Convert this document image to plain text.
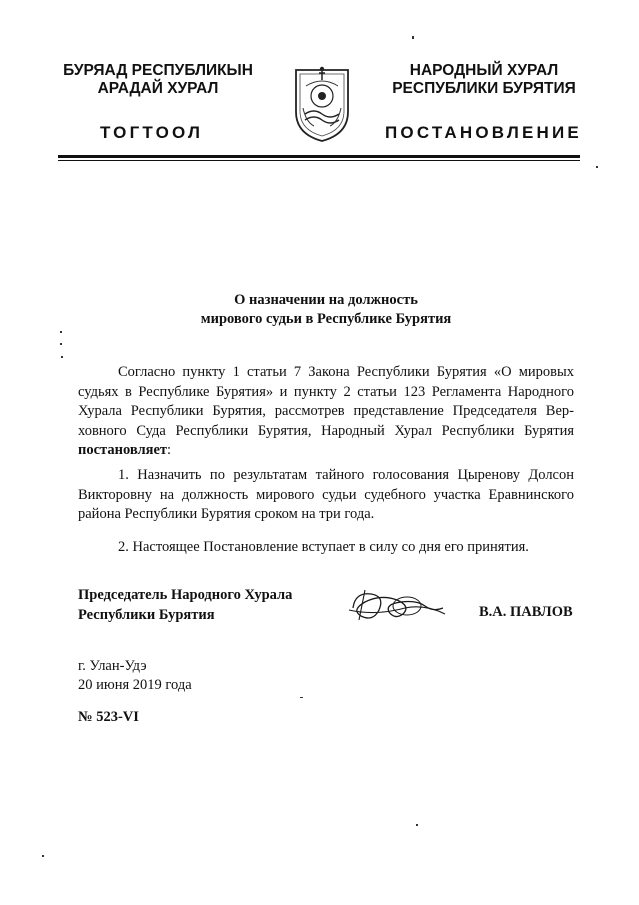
БУРЯАД РЕСПУБЛИКЫН
АРАДАЙ ХУРАЛ
НАРОДНЫЙ ХУРАЛ
РЕСПУБЛИКИ БУРЯТИЯ
ТОГТООЛ	ПОСТАНОВЛЕНИЕ
О назначении на должность
мирового судьи в Республике Бурятия

Согласно пункту 1 статьи 7 Закона Республики Бурятия «О мировых судьях в Республике Бурятия» и пункту 2 статьи 123 Регламента Народного Хурала Республики Бурятия, рассмотрев представление Председателя Вер-ховного Суда Республики Бурятия, Народный Хурал Республики Бурятия постановляет:

1. Назначить по результатам тайного голосования Цыренову Долсон Викторовну на должность мирового судьи судебного участка Еравнинского района Республики Бурятия сроком на три года.

2. Настоящее Постановление вступает в силу со дня его принятия.

Председатель Народного Хурала
Республики Бурятия	В.А. ПАВЛОВ
г. Улан-Удэ
20 июня 2019 года
№ 523-VI
